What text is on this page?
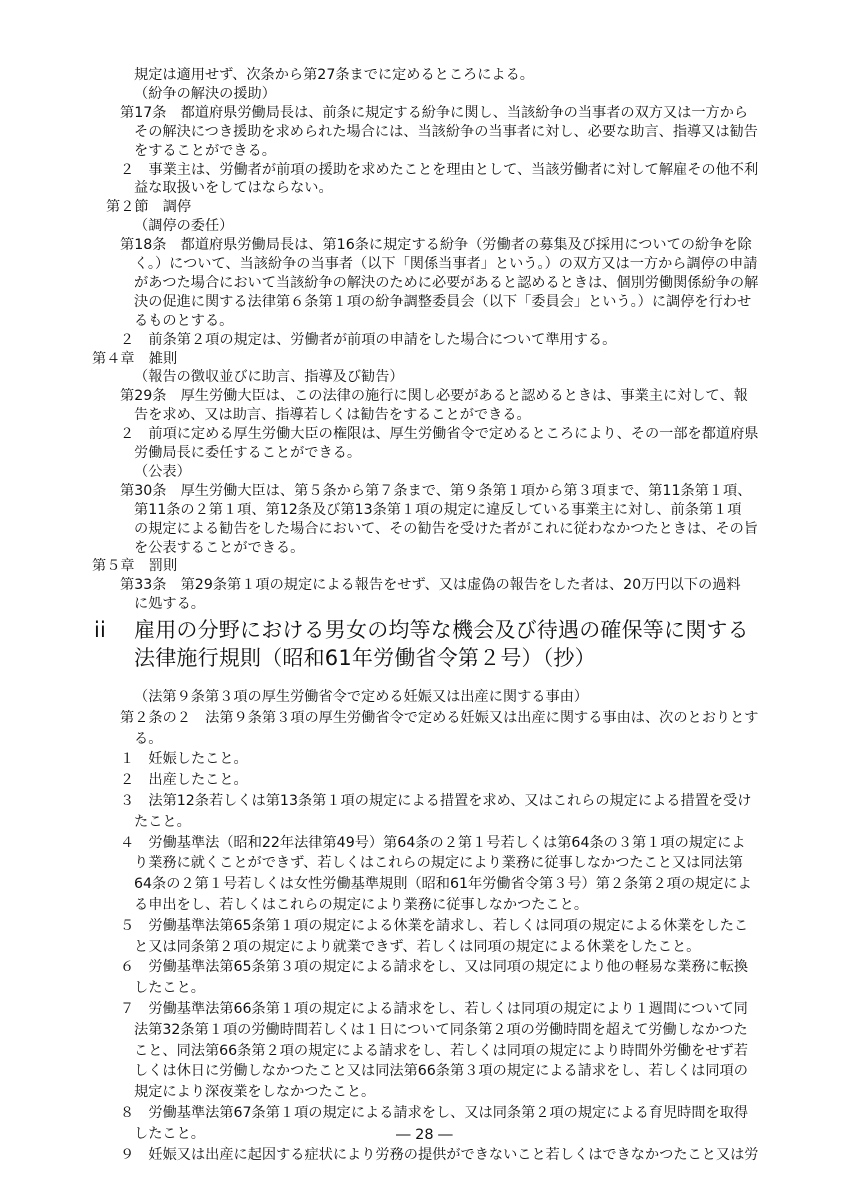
規定は適用せず、次条から第27条までに定めるところによる。
（紛争の解決の援助）
第17条　都道府県労働局長は、前条に規定する紛争に関し、当該紛争の当事者の双方又は一方から
その解決につき援助を求められた場合には、当該紛争の当事者に対し、必要な助言、指導又は勧告
をすることができる。
２　事業主は、労働者が前項の援助を求めたことを理由として、当該労働者に対して解雇その他不利
益な取扱いをしてはならない。
第２節　調停
（調停の委任）
第18条　都道府県労働局長は、第16条に規定する紛争（労働者の募集及び採用についての紛争を除
く。）について、当該紛争の当事者（以下「関係当事者」という。）の双方又は一方から調停の申請
があつた場合において当該紛争の解決のために必要があると認めるときは、個別労働関係紛争の解
決の促進に関する法律第６条第１項の紛争調整委員会（以下「委員会」という。）に調停を行わせ
るものとする。
２　前条第２項の規定は、労働者が前項の申請をした場合について準用する。
第４章　雑則
（報告の徴収並びに助言、指導及び勧告）
第29条　厚生労働大臣は、この法律の施行に関し必要があると認めるときは、事業主に対して、報
告を求め、又は助言、指導若しくは勧告をすることができる。
２　前項に定める厚生労働大臣の権限は、厚生労働省令で定めるところにより、その一部を都道府県
労働局長に委任することができる。
（公表）
第30条　厚生労働大臣は、第５条から第７条まで、第９条第１項から第３項まで、第11条第１項、
第11条の２第１項、第12条及び第13条第１項の規定に違反している事業主に対し、前条第１項
の規定による勧告をした場合において、その勧告を受けた者がこれに従わなかつたときは、その旨
を公表することができる。
第５章　罰則
第33条　第29条第１項の規定による報告をせず、又は虚偽の報告をした者は、20万円以下の過料
に処する。
ii 雇用の分野における男女の均等な機会及び待遇の確保等に関する
法律施行規則（昭和61年労働省令第２号）（抄）
（法第９条第３項の厚生労働省令で定める妊娠又は出産に関する事由）
第２条の２　法第９条第３項の厚生労働省令で定める妊娠又は出産に関する事由は、次のとおりとす
る。
１　妊娠したこと。
２　出産したこと。
３　法第12条若しくは第13条第１項の規定による措置を求め、又はこれらの規定による措置を受け
たこと。
４　労働基準法（昭和22年法律第49号）第64条の２第１号若しくは第64条の３第１項の規定によ
り業務に就くことができず、若しくはこれらの規定により業務に従事しなかつたこと又は同法第
64条の２第１号若しくは女性労働基準規則（昭和61年労働省令第３号）第２条第２項の規定によ
る申出をし、若しくはこれらの規定により業務に従事しなかつたこと。
５　労働基準法第65条第１項の規定による休業を請求し、若しくは同項の規定による休業をしたこ
と又は同条第２項の規定により就業できず、若しくは同項の規定による休業をしたこと。
６　労働基準法第65条第３項の規定による請求をし、又は同項の規定により他の軽易な業務に転換
したこと。
７　労働基準法第66条第１項の規定による請求をし、若しくは同項の規定により１週間について同
法第32条第１項の労働時間若しくは１日について同条第２項の労働時間を超えて労働しなかつた
こと、同法第66条第２項の規定による請求をし、若しくは同項の規定により時間外労働をせず若
しくは休日に労働しなかつたこと又は同法第66条第３項の規定による請求をし、若しくは同項の
規定により深夜業をしなかつたこと。
８　労働基準法第67条第１項の規定による請求をし、又は同条第２項の規定による育児時間を取得
したこと。
９　妊娠又は出産に起因する症状により労務の提供ができないこと若しくはできなかつたこと又は労
― 28 ―
